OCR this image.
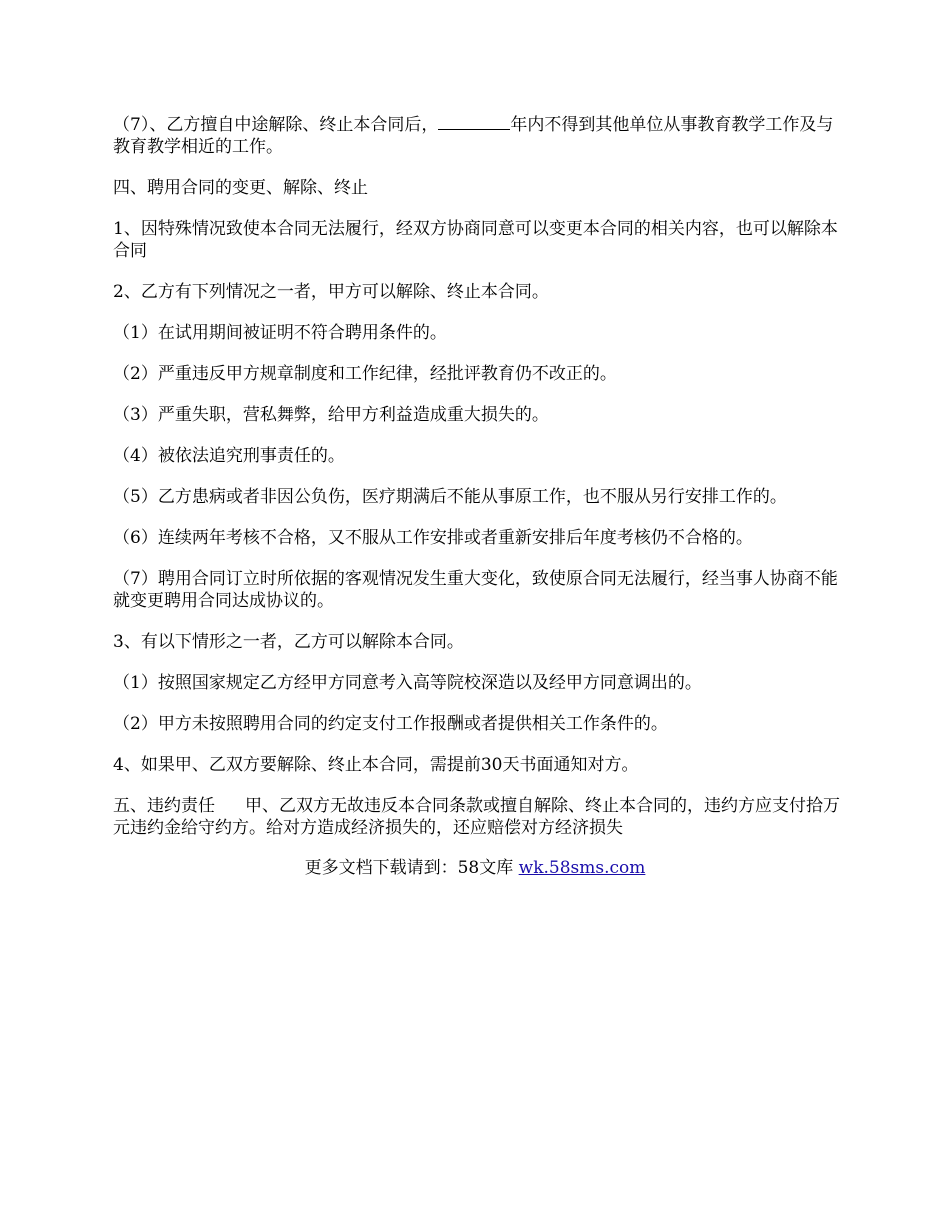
（7）、乙方擅自中途解除、终止本合同后，	年内不得到其他单位从事教育教学工作及与教育教学相近的工作。

四、聘用合同的变更、解除、终止

1、因特殊情况致使本合同无法履行，经双方协商同意可以变更本合同的相关内容，也可以解除本合同

2、乙方有下列情况之一者，甲方可以解除、终止本合同。

（1）在试用期间被证明不符合聘用条件的。

（2）严重违反甲方规章制度和工作纪律，经批评教育仍不改正的。

（3）严重失职，营私舞弊，给甲方利益造成重大损失的。

（4）被依法追究刑事责任的。

（5）乙方患病或者非因公负伤，医疗期满后不能从事原工作，也不服从另行安排工作的。

（6）连续两年考核不合格，又不服从工作安排或者重新安排后年度考核仍不合格的。

（7）聘用合同订立时所依据的客观情况发生重大变化，致使原合同无法履行，经当事人协商不能就变更聘用合同达成协议的。

3、有以下情形之一者，乙方可以解除本合同。

（1）按照国家规定乙方经甲方同意考入高等院校深造以及经甲方同意调出的。

（2）甲方未按照聘用合同的约定支付工作报酬或者提供相关工作条件的。

4、如果甲、乙双方要解除、终止本合同，需提前30天书面通知对方。

五、违约责任 甲、乙双方无故违反本合同条款或擅自解除、终止本合同的，违约方应支付拾万元违约金给守约方。给对方造成经济损失的，还应赔偿对方经济损失

更多文档下载请到：58文库 wk.58sms.com
